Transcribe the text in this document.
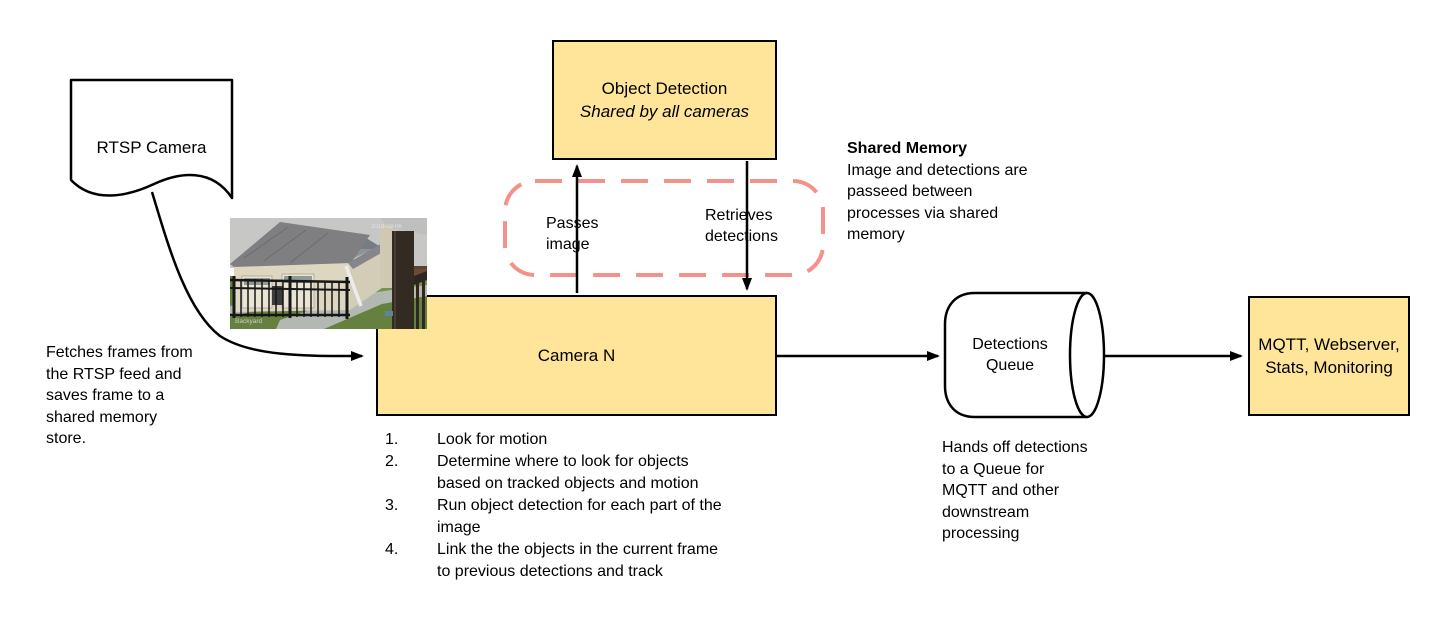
RTSP Camera
Object Detection
Shared by all cameras
Camera N
MQTT, Webserver,
Stats, Monitoring
Detections
Queue
Passes
image
Retrieves
detections
Fetches frames from
the RTSP feed and
saves frame to a
shared memory
store.
Shared Memory
Image and detections are
passeed between
processes via shared
memory
Hands off detections
to a Queue for
MQTT and other
downstream
processing
1.	Look for motion
2.	Determine where to look for objects
based on tracked objects and motion
3.	Run object detection for each part of the
image
4.	Link the the objects in the current frame
to previous detections and track
2019-03-06
Backyard
